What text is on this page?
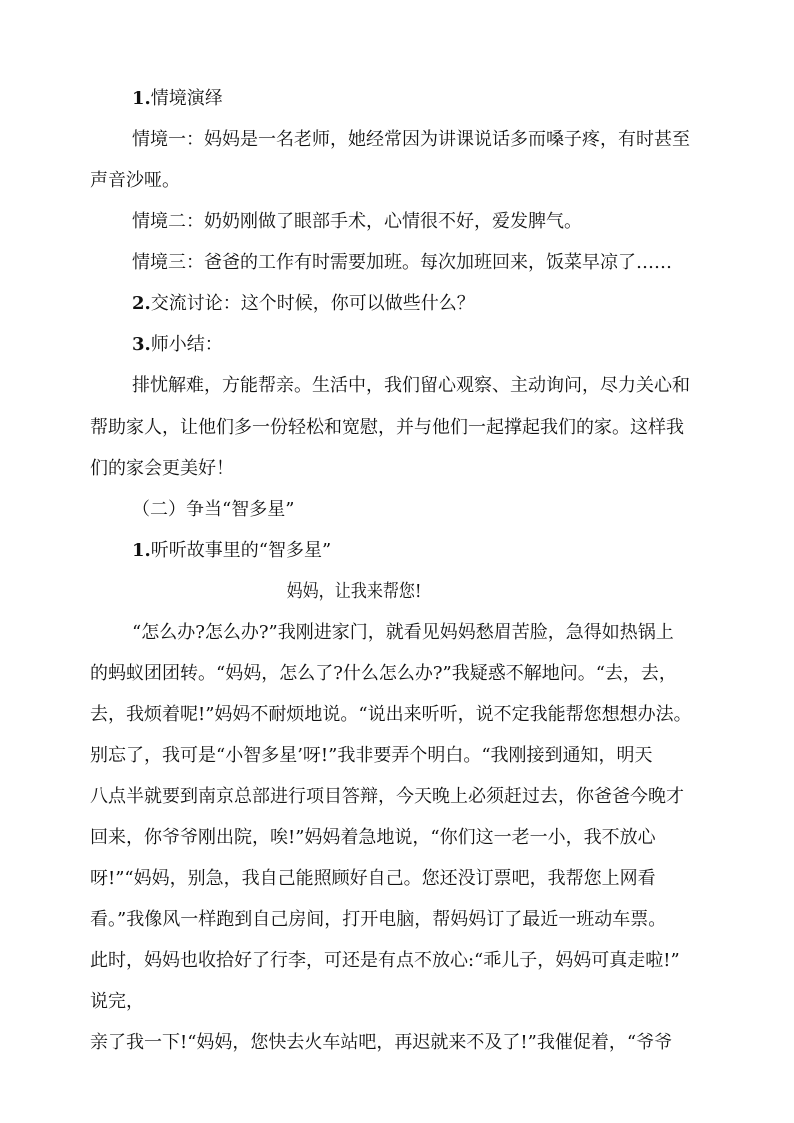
1.情境演绎
情境一：妈妈是一名老师，她经常因为讲课说话多而嗓子疼，有时甚至
声音沙哑。
情境二：奶奶刚做了眼部手术，心情很不好，爱发脾气。
情境三：爸爸的工作有时需要加班。每次加班回来，饭菜早凉了……
2.交流讨论：这个时候，你可以做些什么？
3.师小结：
排忧解难，方能帮亲。生活中，我们留心观察、主动询问，尽力关心和
帮助家人，让他们多一份轻松和宽慰，并与他们一起撑起我们的家。这样我
们的家会更美好！
（二）争当“智多星”
1.听听故事里的“智多星”
妈妈，让我来帮您!
“怎么办?怎么办?”我刚进家门，就看见妈妈愁眉苦脸，急得如热锅上
的蚂蚁团团转。“妈妈，怎么了?什么怎么办?”我疑惑不解地问。“去，去，
去，我烦着呢!”妈妈不耐烦地说。“说出来听听，说不定我能帮您想想办法。
别忘了，我可是“小智多星’呀!”我非要弄个明白。“我刚接到通知，明天
八点半就要到南京总部进行项目答辩，今天晚上必须赶过去，你爸爸今晚才
回来，你爷爷刚出院，唉!”妈妈着急地说，“你们这一老一小，我不放心
呀!”“妈妈，别急，我自己能照顾好自己。您还没订票吧，我帮您上网看
看。”我像风一样跑到自己房间，打开电脑，帮妈妈订了最近一班动车票。
此时，妈妈也收拾好了行李，可还是有点不放心:“乖儿子，妈妈可真走啦!”
说完，
亲了我一下!“妈妈，您快去火车站吧，再迟就来不及了!”我催促着，“爷爷
